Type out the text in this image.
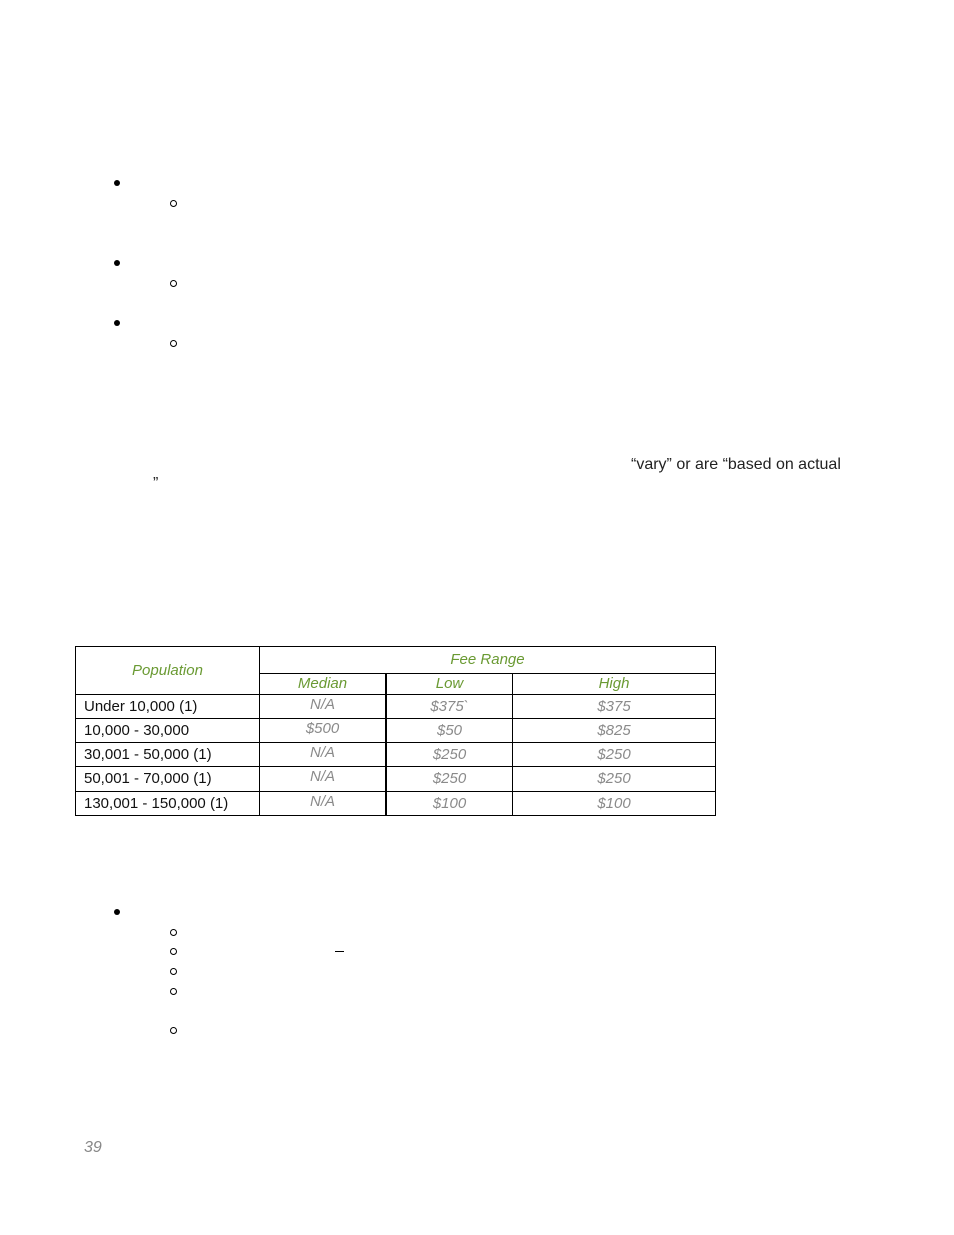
“vary” or are “based on actual
”
Population
Fee Range
Median	Low	High
Under 10,000 (1)	N/A	$375`	$375
10,000 - 30,000	$500	$50	$825
30,001 - 50,000 (1)	N/A	$250	$250
50,001 - 70,000 (1)	N/A	$250	$250
130,001 - 150,000 (1)	N/A	$100	$100
39
